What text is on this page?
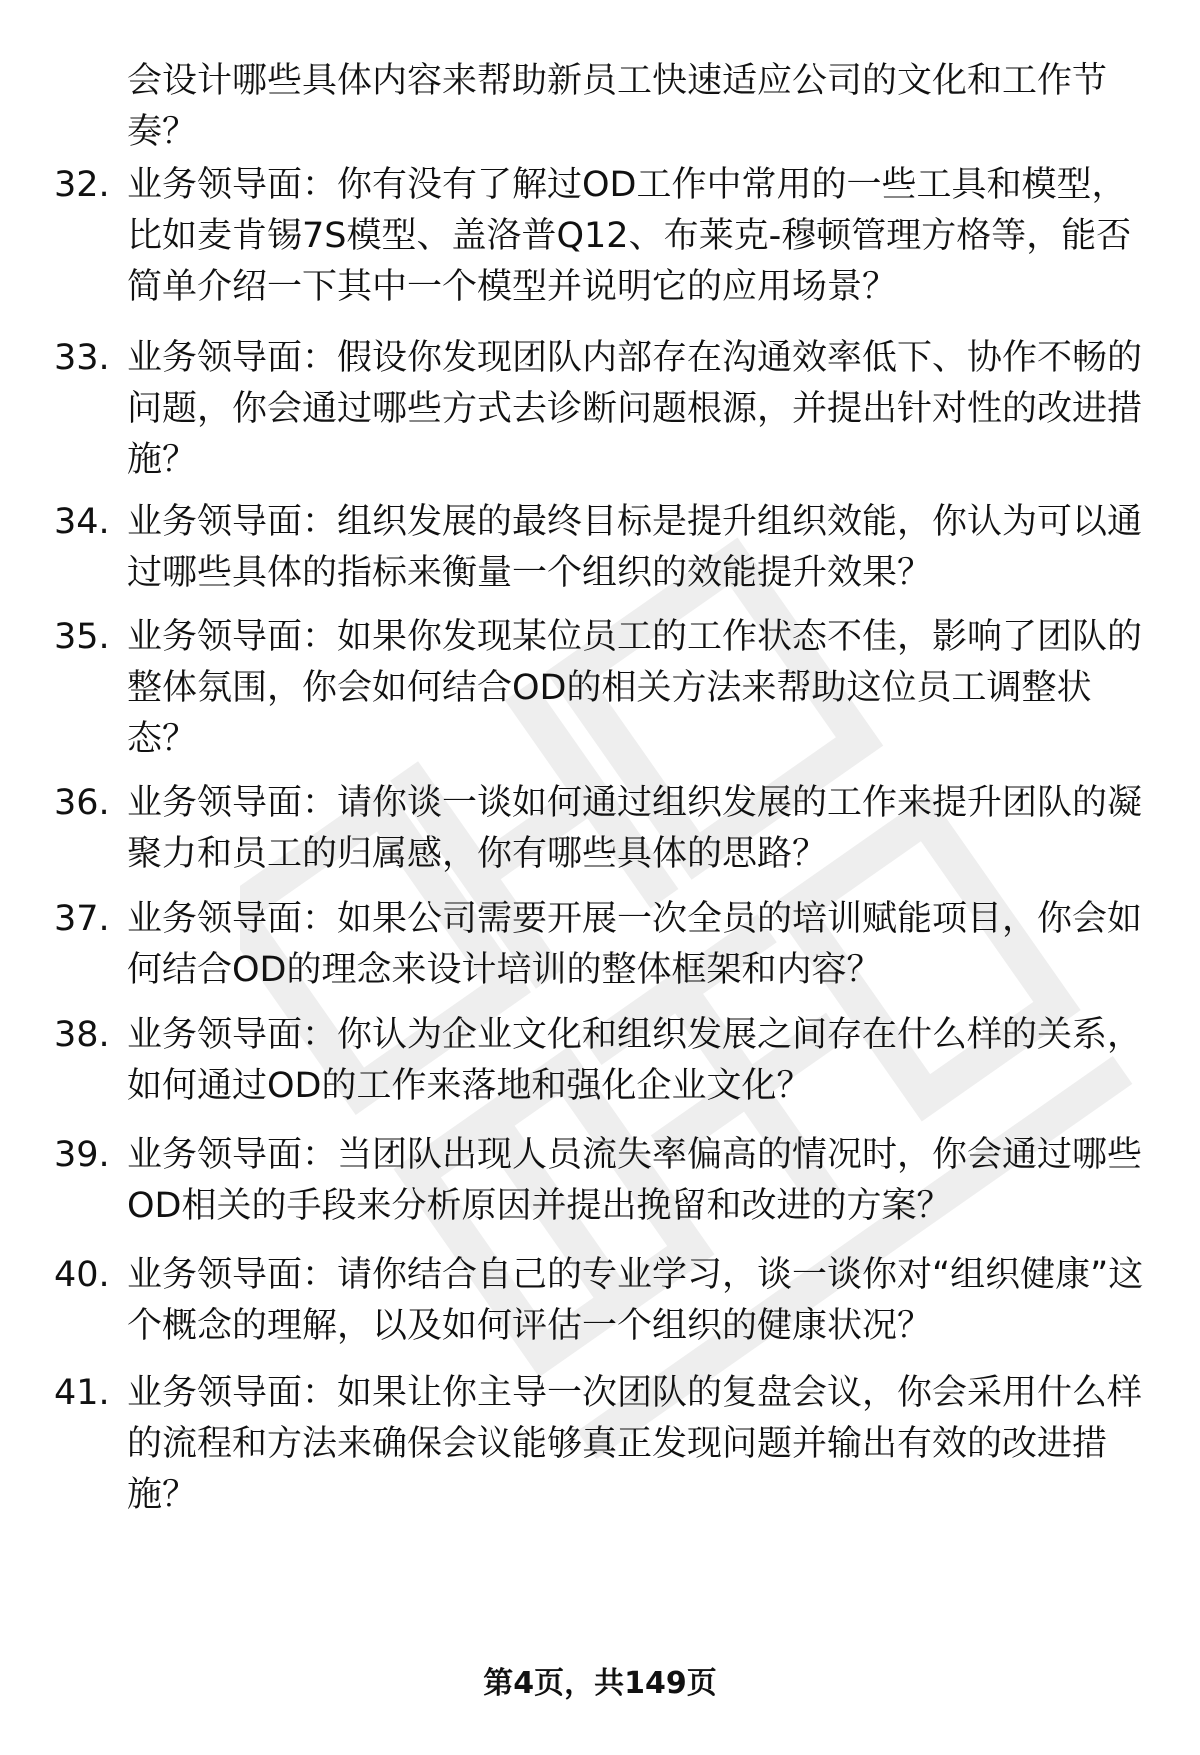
会设计哪些具体内容来帮助新员工快速适应公司的文化和工作节奏？

32. 业务领导面：你有没有了解过OD工作中常用的一些工具和模型，比如麦肯锡7S模型、盖洛普Q12、布莱克-穆顿管理方格等，能否简单介绍一下其中一个模型并说明它的应用场景？

33. 业务领导面：假设你发现团队内部存在沟通效率低下、协作不畅的问题，你会通过哪些方式去诊断问题根源，并提出针对性的改进措施？

34. 业务领导面：组织发展的最终目标是提升组织效能，你认为可以通过哪些具体的指标来衡量一个组织的效能提升效果？

35. 业务领导面：如果你发现某位员工的工作状态不佳，影响了团队的整体氛围，你会如何结合OD的相关方法来帮助这位员工调整状态？

36. 业务领导面：请你谈一谈如何通过组织发展的工作来提升团队的凝聚力和员工的归属感，你有哪些具体的思路？

37. 业务领导面：如果公司需要开展一次全员的培训赋能项目，你会如何结合OD的理念来设计培训的整体框架和内容？

38. 业务领导面：你认为企业文化和组织发展之间存在什么样的关系，如何通过OD的工作来落地和强化企业文化？

39. 业务领导面：当团队出现人员流失率偏高的情况时，你会通过哪些OD相关的手段来分析原因并提出挽留和改进的方案？

40. 业务领导面：请你结合自己的专业学习，谈一谈你对“组织健康”这个概念的理解，以及如何评估一个组织的健康状况？

41. 业务领导面：如果让你主导一次团队的复盘会议，你会采用什么样的流程和方法来确保会议能够真正发现问题并输出有效的改进措施？

第4页，共149页
